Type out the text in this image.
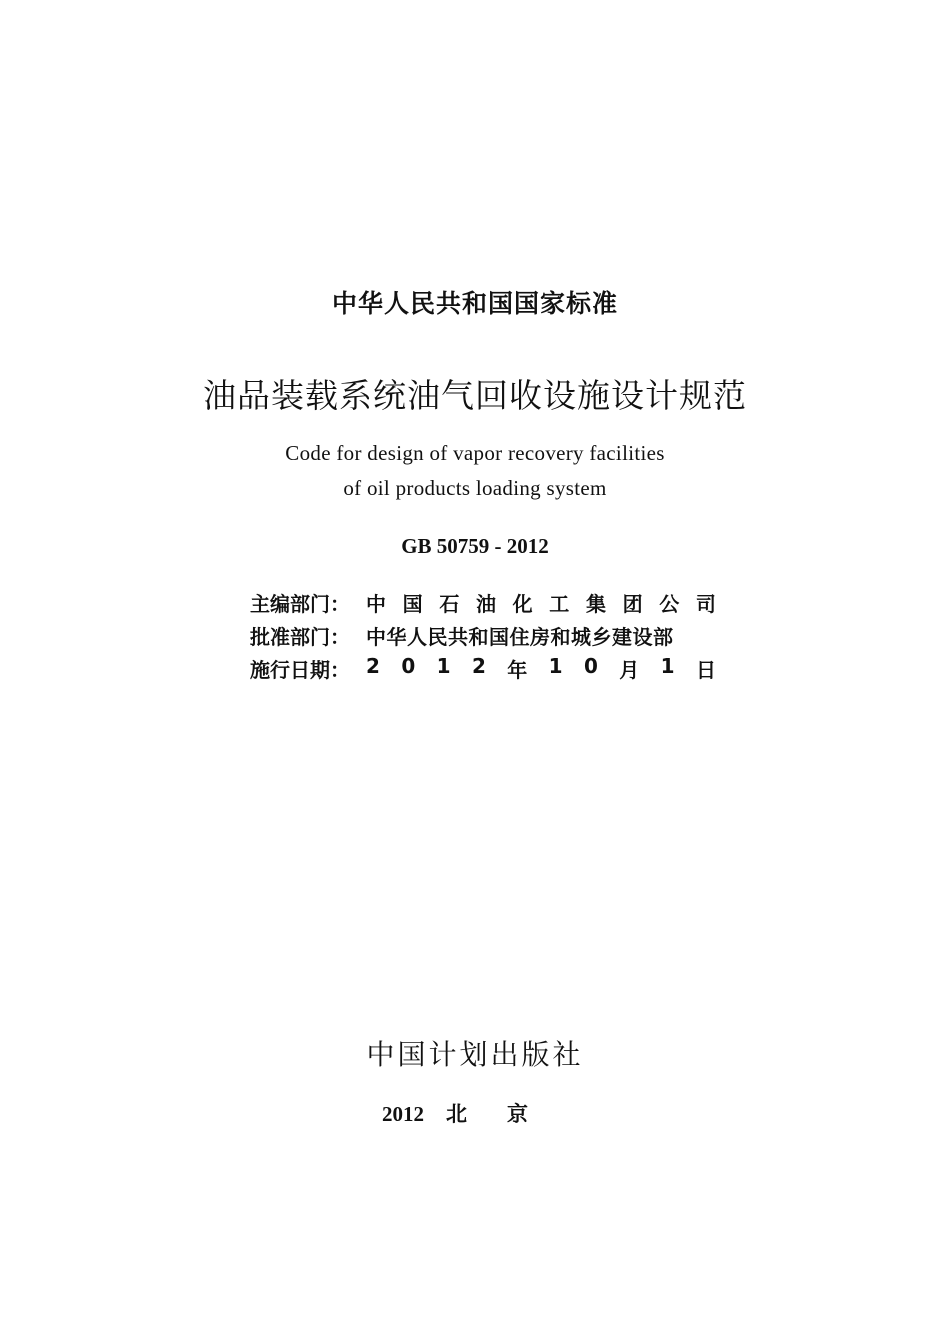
中华人民共和国国家标准
油品装载系统油气回收设施设计规范
Code for design of vapor recovery facilities
of oil products loading system
GB 50759 - 2012
主编部门： 中 国 石 油 化 工 集 团 公 司
批准部门： 中华人民共和国住房和城乡建设部
施行日期： 2 0 1 2 年 1 0 月 1 日
中国计划出版社
2012 北京
